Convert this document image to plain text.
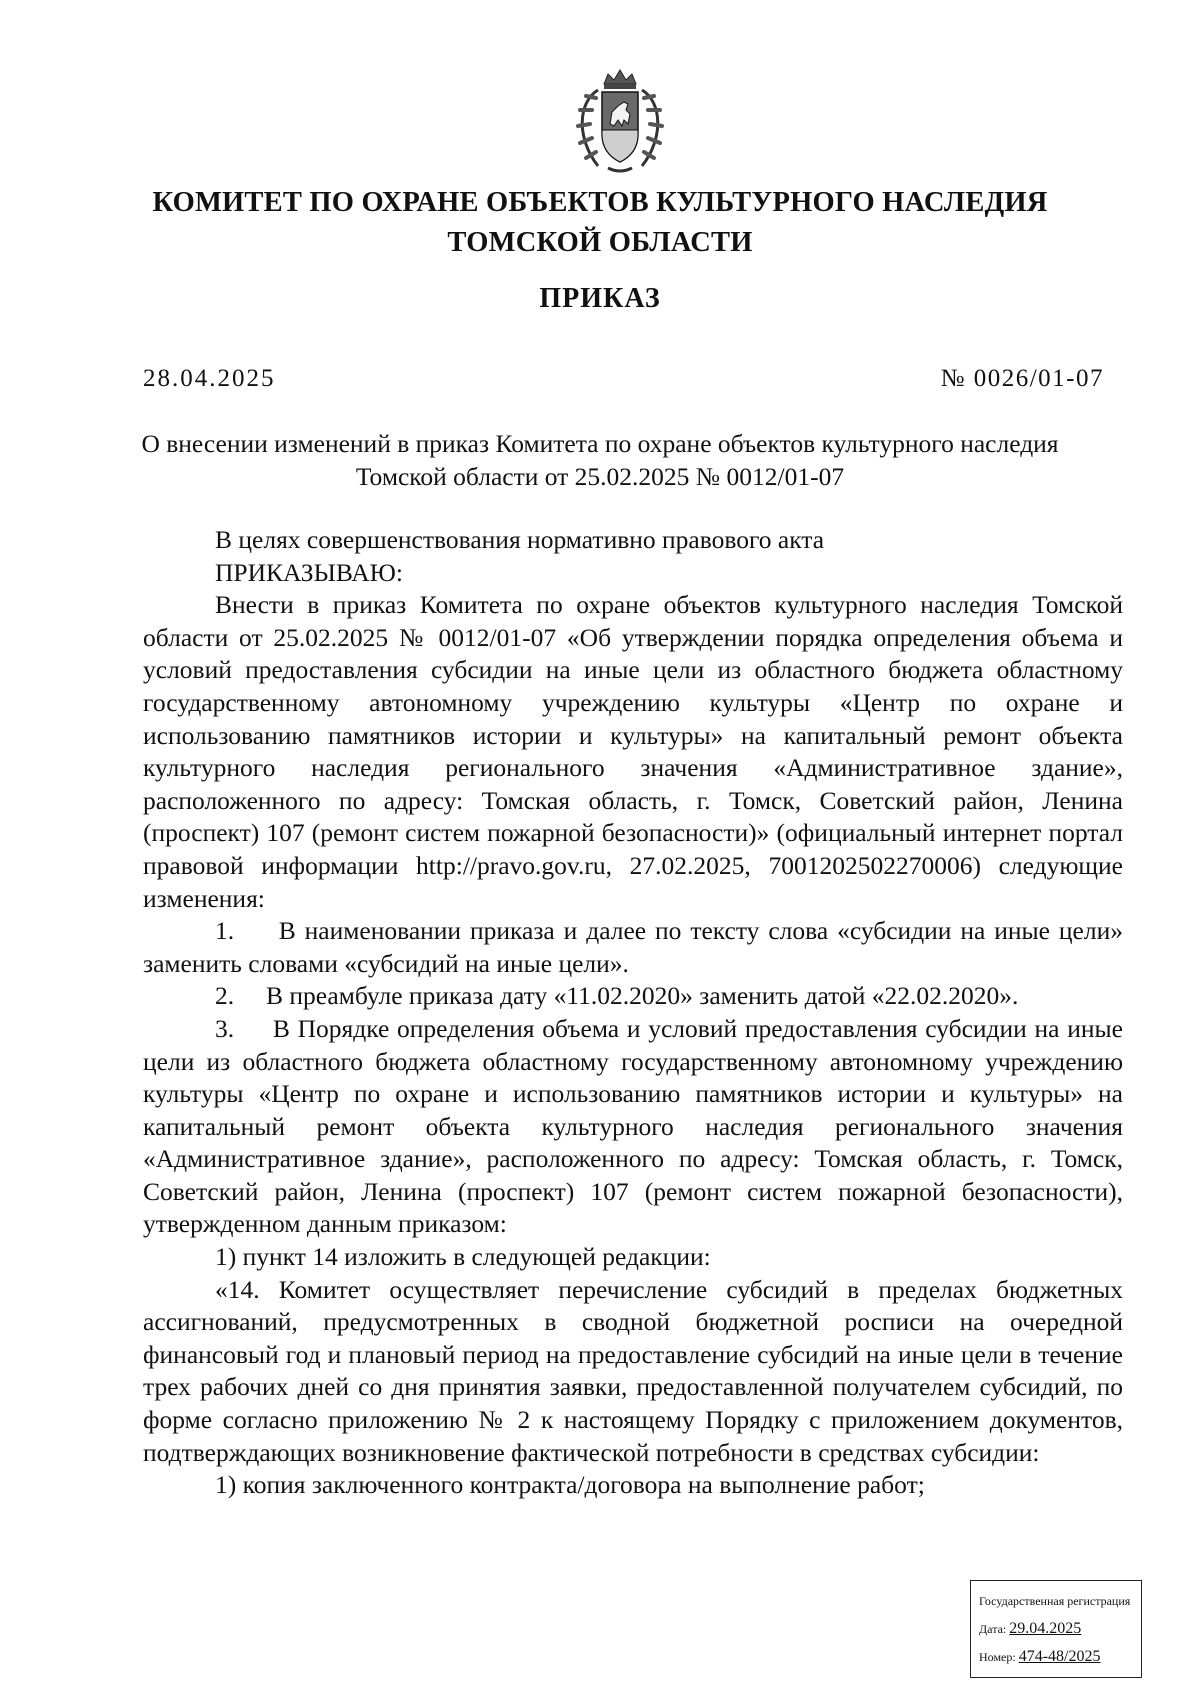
КОМИТЕТ ПО ОХРАНЕ ОБЪЕКТОВ КУЛЬТУРНОГО НАСЛЕДИЯ
ТОМСКОЙ ОБЛАСТИ
ПРИКАЗ
28.04.2025	№ 0026/01-07
О внесении изменений в приказ Комитета по охране объектов культурного наследия Томской области от 25.02.2025 № 0012/01-07

В целях совершенствования нормативно правового акта

ПРИКАЗЫВАЮ:

Внести в приказ Комитета по охране объектов культурного наследия Томской области от 25.02.2025 № 0012/01-07 «Об утверждении порядка определения объема и условий предоставления субсидии на иные цели из областного бюджета областному государственному автономному учреждению культуры «Центр по охране и использованию памятников истории и культуры» на капитальный ремонт объекта культурного наследия регионального значения «Административное здание», расположенного по адресу: Томская область, г. Томск, Советский район, Ленина (проспект) 107 (ремонт систем пожарной безопасности)» (официальный интернет портал правовой информации http://pravo.gov.ru, 27.02.2025, 7001202502270006) следующие изменения:

1.     В наименовании приказа и далее по тексту слова «субсидии на иные цели» заменить словами «субсидий на иные цели».

2.     В преамбуле приказа дату «11.02.2020» заменить датой «22.02.2020».

3.     В Порядке определения объема и условий предоставления субсидии на иные цели из областного бюджета областному государственному автономному учреждению культуры «Центр по охране и использованию памятников истории и культуры» на капитальный ремонт объекта культурного наследия регионального значения «Административное здание», расположенного по адресу: Томская область, г. Томск, Советский район, Ленина (проспект) 107 (ремонт систем пожарной безопасности), утвержденном данным приказом:

1) пункт 14 изложить в следующей редакции:

«14. Комитет осуществляет перечисление субсидий в пределах бюджетных ассигнований, предусмотренных в сводной бюджетной росписи на очередной финансовый год и плановый период на предоставление субсидий на иные цели в течение трех рабочих дней со дня принятия заявки, предоставленной получателем субсидий, по форме согласно приложению № 2 к настоящему Порядку с приложением документов, подтверждающих возникновение фактической потребности в средствах субсидии:

1) копия заключенного контракта/договора на выполнение работ;

Государственная регистрация
Дата: 29.04.2025
Номер: 474-48/2025
